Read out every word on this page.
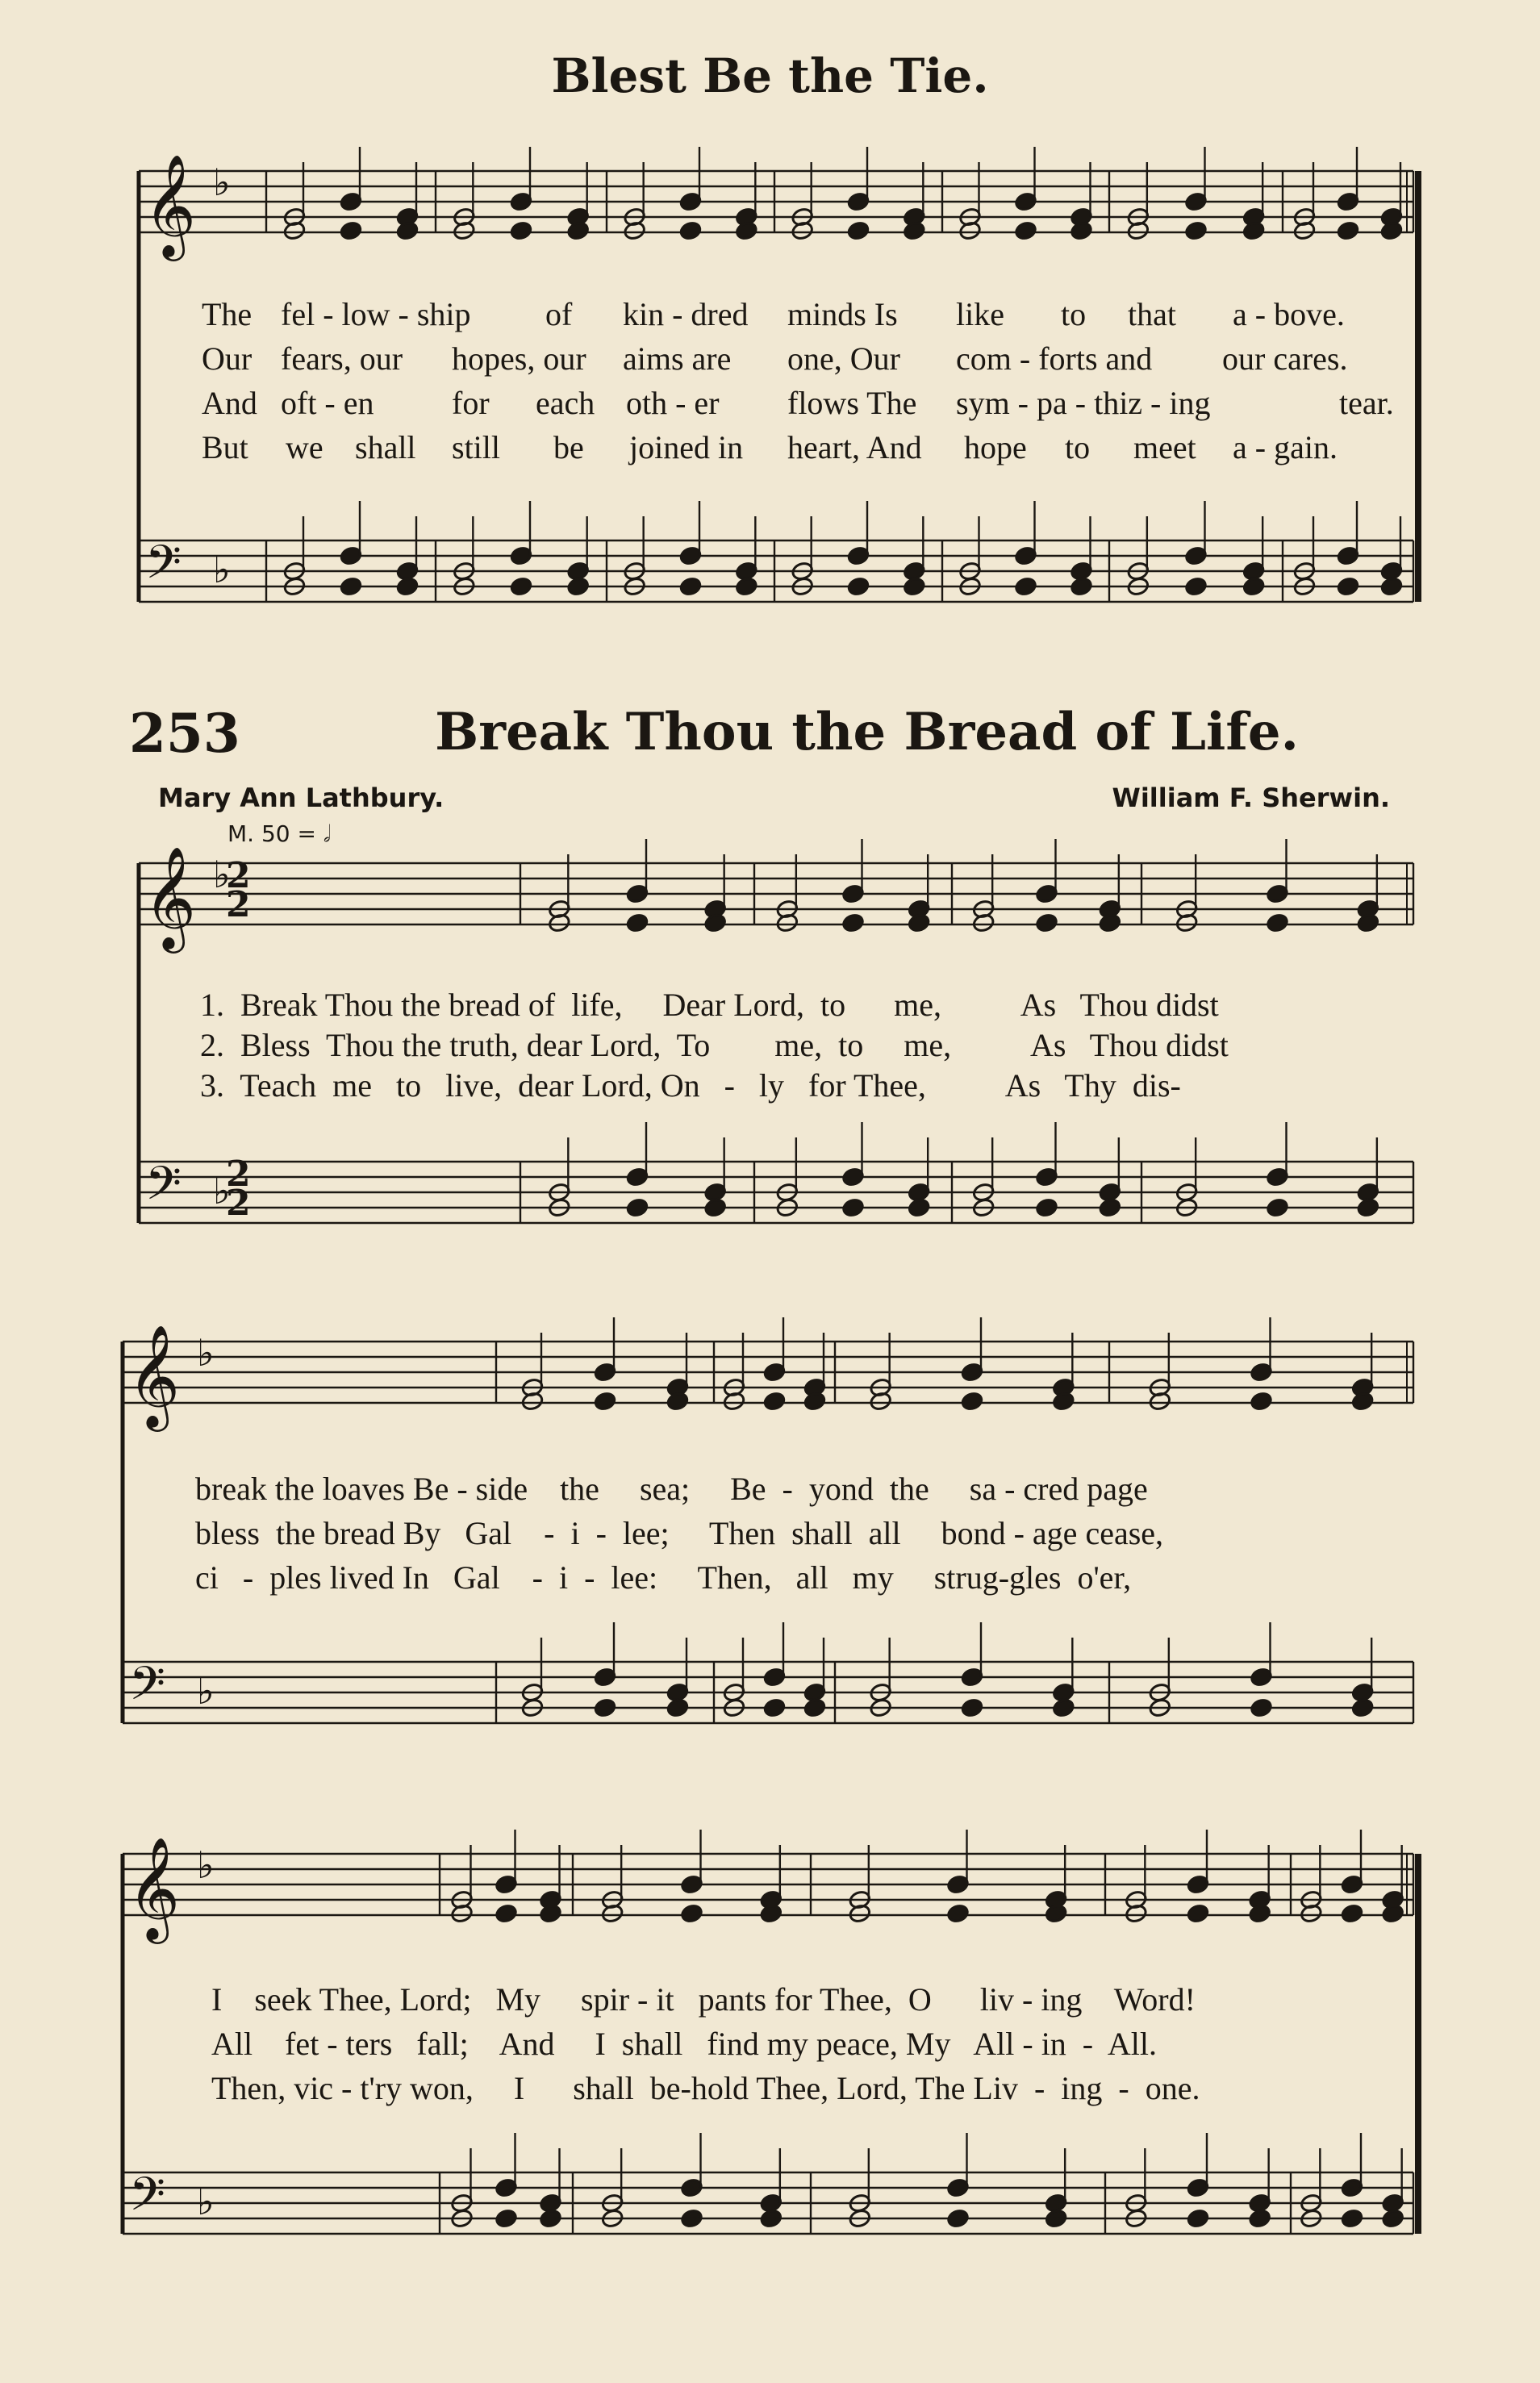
Blest Be the Tie.
𝄞
𝄢
♭
♭
𝄞
𝄢
♭
♭
𝄞
𝄢
♭
♭
𝄞
𝄢
♭
♭
2
2
2
2

The

fel - low - ship

of

kin - dred

minds Is

like

to

that

a - bove.

Our

fears, our

hopes, our

aims are

one, Our

com - forts and

our cares.

And

oft - en

for

each

oth - er

flows The

sym - pa - thiz - ing

	tear.

But

we

shall

still

be

joined in

heart, And

hope

to

meet

a - gain.

253	Break Thou the Bread of Life.
Mary Ann Lathbury.	William F. Sherwin.
M. 50 = 𝅗𝅥
1.  Break Thou the bread of  life,     Dear Lord,  to      me,          As   Thou didst
2.  Bless  Thou the truth, dear Lord,  To        me,  to     me,          As   Thou didst
3.  Teach  me   to   live,  dear Lord, On   -   ly   for Thee,          As   Thy  dis-
break the loaves Be - side    the     sea;     Be  -  yond  the     sa - cred page
bless  the bread By   Gal    -  i  -  lee;     Then  shall  all     bond - age cease,
ci   -  ples lived In   Gal    -  i  -  lee:     Then,   all   my     strug-gles  o'er,
I    seek Thee, Lord;   My     spir - it   pants for Thee,  O      liv - ing    Word!
All    fet - ters   fall;    And     I  shall   find my peace, My   All - in  -  All.
Then, vic - t'ry won,     I      shall  be-hold Thee, Lord, The Liv  -  ing  -  one.
